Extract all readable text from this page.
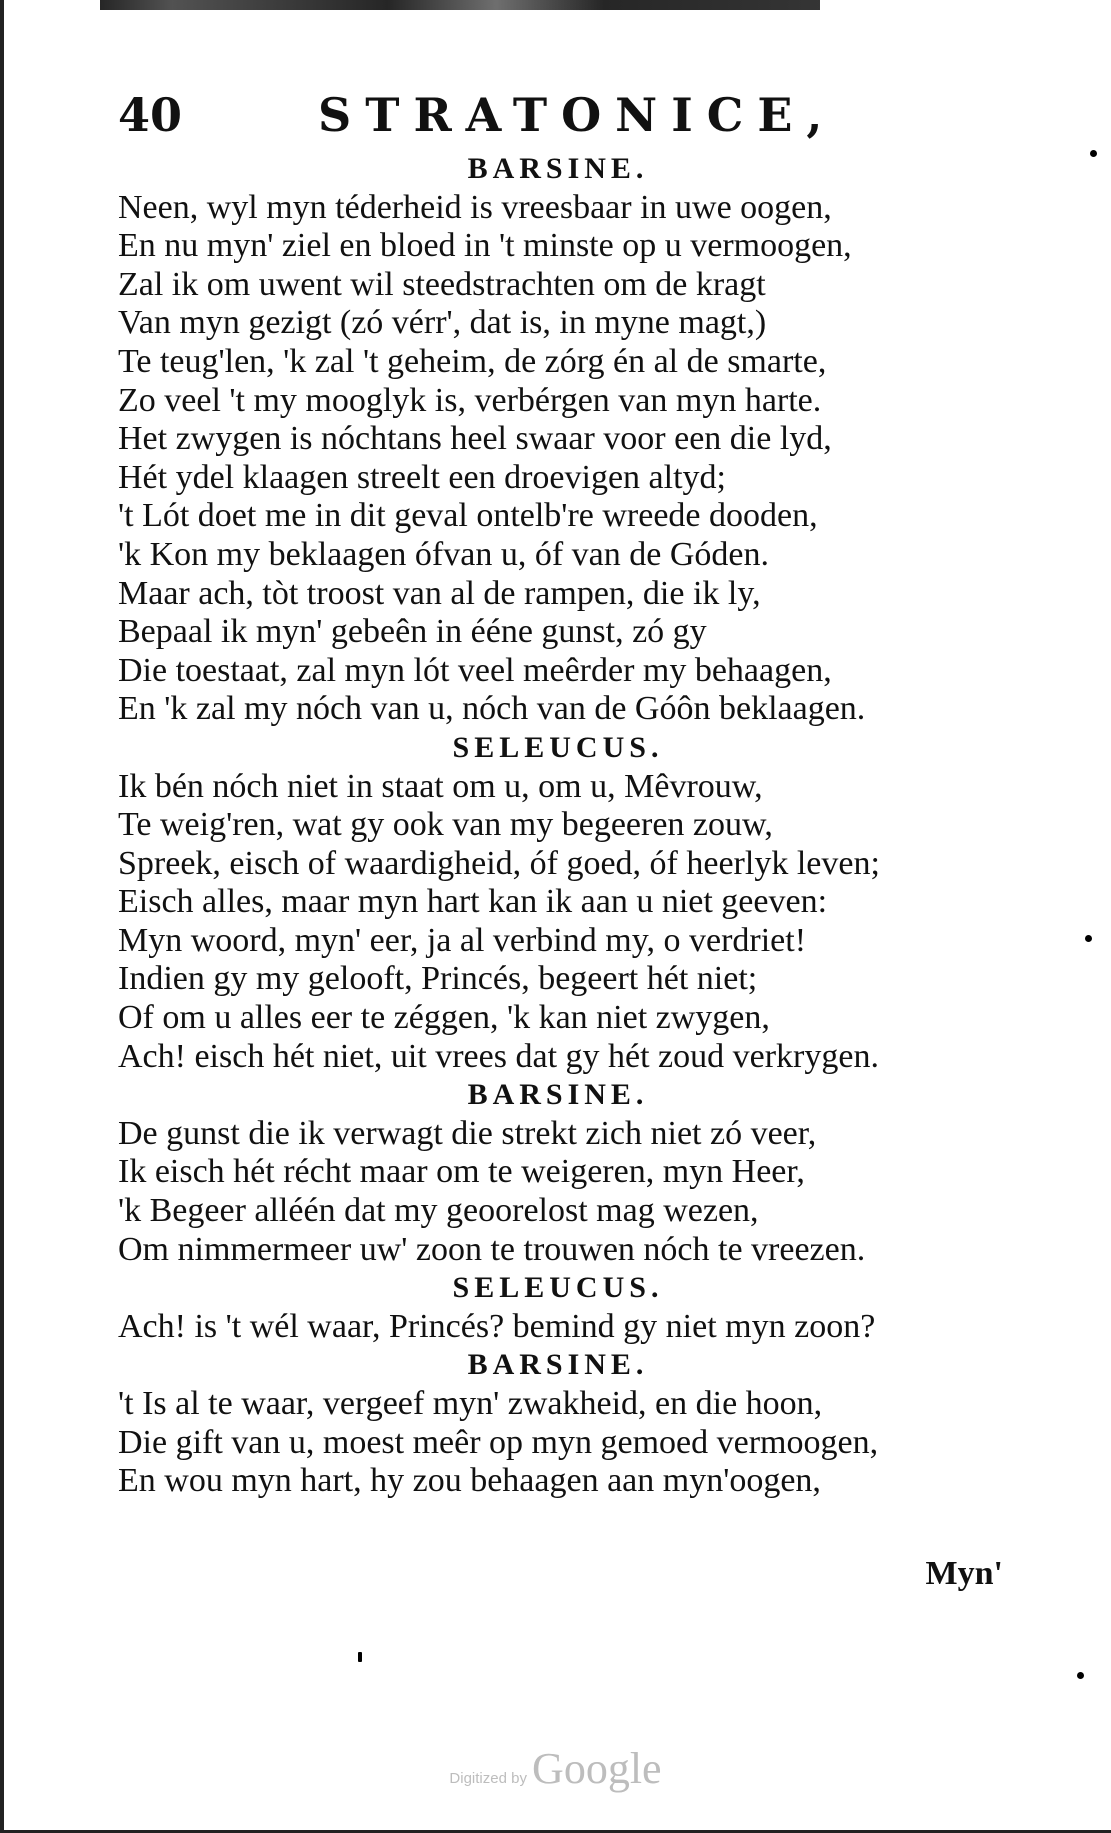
40	STRATONICE,
BARSINE.
Neen, wyl myn téderheid is vreesbaar in uwe oogen,
En nu myn' ziel en bloed in 't minste op u vermoogen,
Zal ik om uwent wil steedstrachten om de kragt
Van myn gezigt (zó vérr', dat is, in myne magt,)
Te teug'len, 'k zal 't geheim, de zórg én al de smarte,
Zo veel 't my mooglyk is, verbérgen van myn harte.
Het zwygen is nóchtans heel swaar voor een die lyd,
Hét ydel klaagen streelt een droevigen altyd;
't Lót doet me in dit geval ontelb're wreede dooden,
'k Kon my beklaagen ófvan u, óf van de Góden.
Maar ach, tòt troost van al de rampen, die ik ly,
Bepaal ik myn' gebeên in ééne gunst, zó gy
Die toestaat, zal myn lót veel meêrder my behaagen,
En 'k zal my nóch van u, nóch van de Góôn beklaagen.
SELEUCUS.
Ik bén nóch niet in staat om u, om u, Mêvrouw,
Te weig'ren, wat gy ook van my begeeren zouw,
Spreek, eisch of waardigheid, óf goed, óf heerlyk leven;
Eisch alles, maar myn hart kan ik aan u niet geeven:
Myn woord, myn' eer, ja al verbind my, o verdriet!
Indien gy my gelooft, Princés, begeert hét niet;
Of om u alles eer te zéggen, 'k kan niet zwygen,
Ach! eisch hét niet, uit vrees dat gy hét zoud verkrygen.
BARSINE.
De gunst die ik verwagt die strekt zich niet zó veer,
Ik eisch hét récht maar om te weigeren, myn Heer,
'k Begeer alléén dat my geoorelost mag wezen,
Om nimmermeer uw' zoon te trouwen nóch te vreezen.
SELEUCUS.
Ach! is 't wél waar, Princés? bemind gy niet myn zoon?
BARSINE.
't Is al te waar, vergeef myn' zwakheid, en die hoon,
Die gift van u, moest meêr op myn gemoed vermoogen,
En wou myn hart, hy zou behaagen aan myn'oogen,
Myn'
Digitized by Google
